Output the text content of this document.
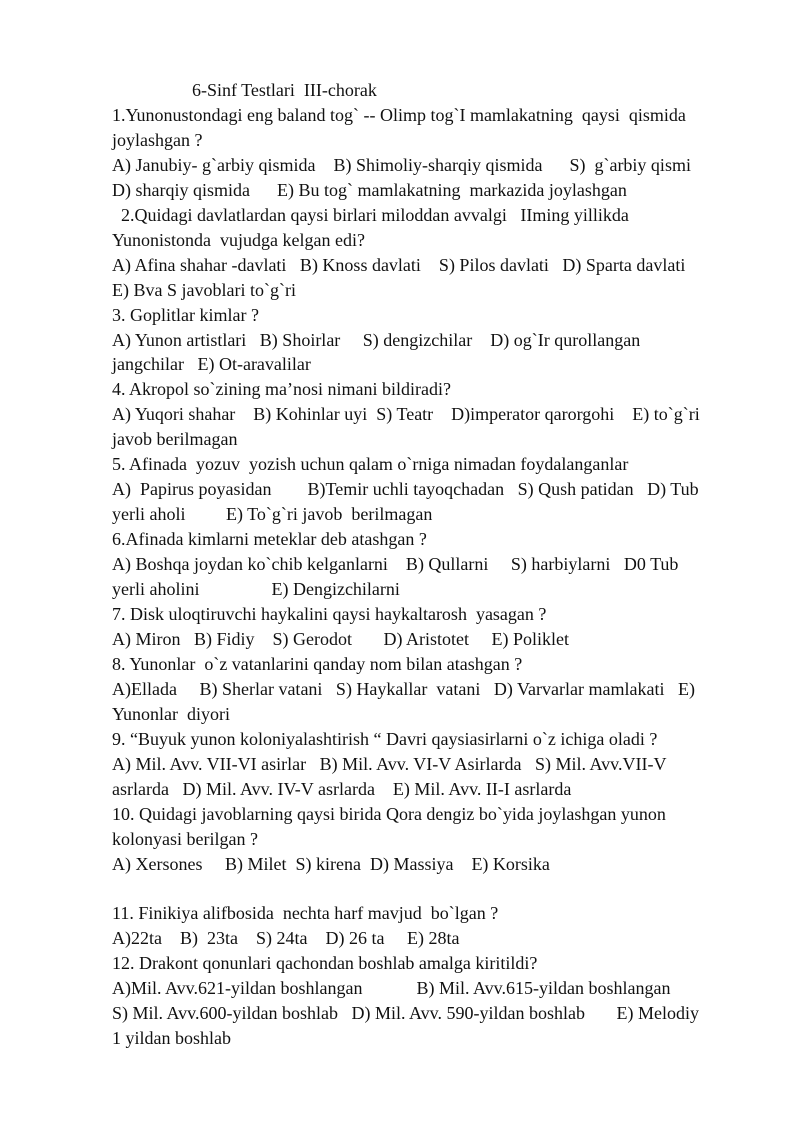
6-Sinf Testlari  III-chorak
1.Yunonustondagi eng baland tog` -- Olimp tog`I mamlakatning  qaysi  qismida
joylashgan ?
A) Janubiy- g`arbiy qismida    B) Shimoliy-sharqiy qismida      S)  g`arbiy qismi
D) sharqiy qismida      E) Bu tog` mamlakatning  markazida joylashgan
2.Quidagi davlatlardan qaysi birlari miloddan avvalgi   IIming yillikda
Yunonistonda  vujudga kelgan edi?
A) Afina shahar -davlati   B) Knoss davlati    S) Pilos davlati   D) Sparta davlati
E) Bva S javoblari to`g`ri
3. Goplitlar kimlar ?
A) Yunon artistlari   B) Shoirlar     S) dengizchilar    D) og`Ir qurollangan
jangchilar   E) Ot-aravalilar
4. Akropol so`zining ma’nosi nimani bildiradi?
A) Yuqori shahar    B) Kohinlar uyi  S) Teatr    D)imperator qarorgohi    E) to`g`ri
javob berilmagan
5. Afinada  yozuv  yozish uchun qalam o`rniga nimadan foydalanganlar
A)  Papirus poyasidan        B)Temir uchli tayoqchadan   S) Qush patidan   D) Tub
yerli aholi         E) To`g`ri javob  berilmagan
6.Afinada kimlarni meteklar deb atashgan ?
A) Boshqa joydan ko`chib kelganlarni    B) Qullarni     S) harbiylarni   D0 Tub
yerli aholini                E) Dengizchilarni
7. Disk uloqtiruvchi haykalini qaysi haykaltarosh  yasagan ?
A) Miron   B) Fidiy    S) Gerodot       D) Aristotet     E) Poliklet
8. Yunonlar  o`z vatanlarini qanday nom bilan atashgan ?
A)Ellada     B) Sherlar vatani   S) Haykallar  vatani   D) Varvarlar mamlakati   E)
Yunonlar  diyori
9. “Buyuk yunon koloniyalashtirish “ Davri qaysiasirlarni o`z ichiga oladi ?
A) Mil. Avv. VII-VI asirlar   B) Mil. Avv. VI-V Asirlarda   S) Mil. Avv.VII-V
asrlarda   D) Mil. Avv. IV-V asrlarda    E) Mil. Avv. II-I asrlarda
10. Quidagi javoblarning qaysi birida Qora dengiz bo`yida joylashgan yunon
kolonyasi berilgan ?
A) Xersones     B) Milet  S) kirena  D) Massiya    E) Korsika
11. Finikiya alifbosida  nechta harf mavjud  bo`lgan ?
A)22ta    B)  23ta    S) 24ta    D) 26 ta     E) 28ta
12. Drakont qonunlari qachondan boshlab amalga kiritildi?
A)Mil. Avv.621-yildan boshlangan            B) Mil. Avv.615-yildan boshlangan
S) Mil. Avv.600-yildan boshlab   D) Mil. Avv. 590-yildan boshlab       E) Melodiy
1 yildan boshlab
